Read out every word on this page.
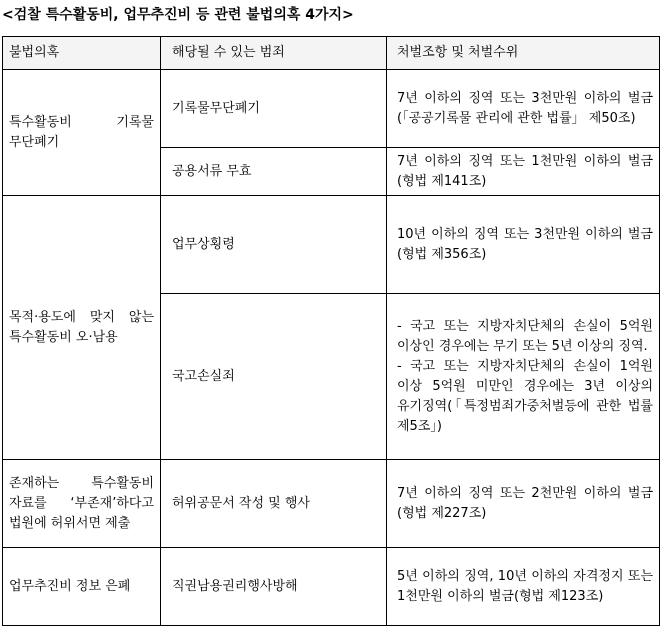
<검찰 특수활동비, 업무추진비 등 관련 불법의혹 4가지>
불법의혹	해당될 수 있는 범죄	처벌조항 및 처벌수위
특수활동비 기록물 무단폐기	기록물무단폐기	7년 이하의 징역 또는 3천만원 이하의 벌금(「공공기록물 관리에 관한 법률」 제50조)
	공용서류 무효	7년 이하의 징역 또는 1천만원 이하의 벌금(형법 제141조)
목적·용도에 맞지 않는 특수활동비 오·남용	업무상횡령	10년 이하의 징역 또는 3천만원 이하의 벌금(형법 제356조)
	국고손실죄	- 국고 또는 지방자치단체의 손실이 5억원 이상인 경우에는 무기 또는 5년 이상의 징역.
- 국고 또는 지방자치단체의 손실이 1억원 이상 5억원 미만인 경우에는 3년 이상의 유기징역(「특정범죄가중처벌등에 관한 법률 제5조」)

존재하는 특수활동비 자료를 ‘부존재’하다고 법원에 허위서면 제출	허위공문서 작성 및 행사	7년 이하의 징역 또는 2천만원 이하의 벌금(형법 제227조)
업무추진비 정보 은폐	직권남용권리행사방해	5년 이하의 징역, 10년 이하의 자격정지 또는 1천만원 이하의 벌금(형법 제123조)
